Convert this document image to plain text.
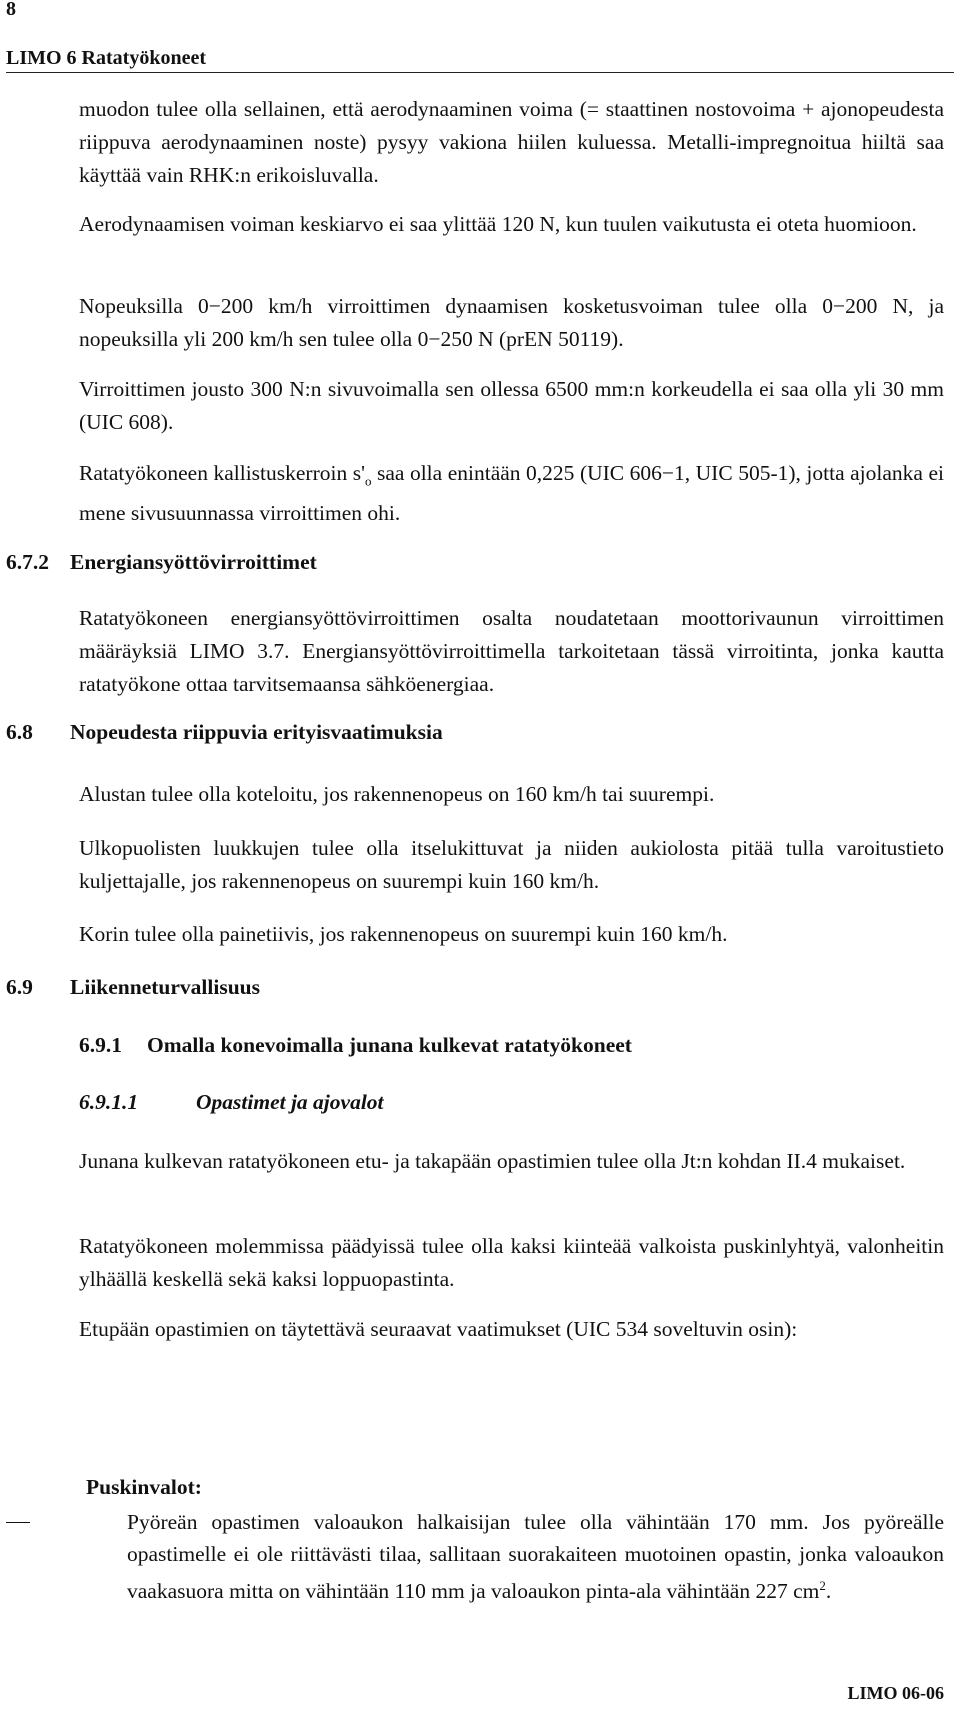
8
LIMO 6 Ratatyökoneet
muodon tulee olla sellainen, että aerodynaaminen voima (= staattinen nostovoima + ajonopeudesta riippuva aerodynaaminen noste) pysyy vakiona hiilen kuluessa. Metalli-impregnoitua hiiltä saa käyttää vain RHK:n erikoisluvalla.
Aerodynaamisen voiman keskiarvo ei saa ylittää 120 N, kun tuulen vaikutusta ei oteta huomioon.
Nopeuksilla 0−200 km/h virroittimen dynaamisen kosketusvoiman tulee olla 0−200 N, ja nopeuksilla yli 200 km/h sen tulee olla 0−250 N (prEN 50119).
Virroittimen jousto 300 N:n sivuvoimalla sen ollessa 6500 mm:n korkeudella ei saa olla yli 30 mm (UIC 608).
Ratatyökoneen kallistuskerroin $s'_o$ saa olla enintään 0,225 (UIC 606−1, UIC 505-1), jotta ajolanka ei mene sivusuunnassa virroittimen ohi.
6.7.2 Energiansyöttövirroittimet
Ratatyökoneen energiansyöttövirroittimen osalta noudatetaan moottorivaunun virroittimen määräyksiä LIMO 3.7. Energiansyöttövirroittimella tarkoitetaan tässä virroitinta, jonka kautta ratatyökone ottaa tarvitsemaansa sähköenergiaa.
6.8 Nopeudesta riippuvia erityisvaatimuksia
Alustan tulee olla koteloitu, jos rakennenopeus on 160 km/h tai suurempi.
Ulkopuolisten luukkujen tulee olla itselukittuvat ja niiden aukiolosta pitää tulla varoitustieto kuljettajalle, jos rakennenopeus on suurempi kuin 160 km/h.
Korin tulee olla painetiivis, jos rakennenopeus on suurempi kuin 160 km/h.
6.9 Liikenneturvallisuus
6.9.1 Omalla konevoimalla junana kulkevat ratatyökoneet
6.9.1.1	Opastimet ja ajovalot
Junana kulkevan ratatyökoneen etu- ja takapään opastimien tulee olla Jt:n kohdan II.4 mukaiset.
Ratatyökoneen molemmissa päädyissä tulee olla kaksi kiinteää valkoista puskinlyhtyä, valonheitin ylhäällä keskellä sekä kaksi loppuopastinta.
Etupään opastimien on täytettävä seuraavat vaatimukset (UIC 534 soveltuvin osin):
Puskinvalot:
Pyöreän opastimen valoaukon halkaisijan tulee olla vähintään 170 mm. Jos pyöreälle opastimelle ei ole riittävästi tilaa, sallitaan suorakaiteen muotoinen opastin, jonka valoaukon vaakasuora mitta on vähintään 110 mm ja valoaukon pinta-ala vähintään 227 $cm^2$.
LIMO 06-06
